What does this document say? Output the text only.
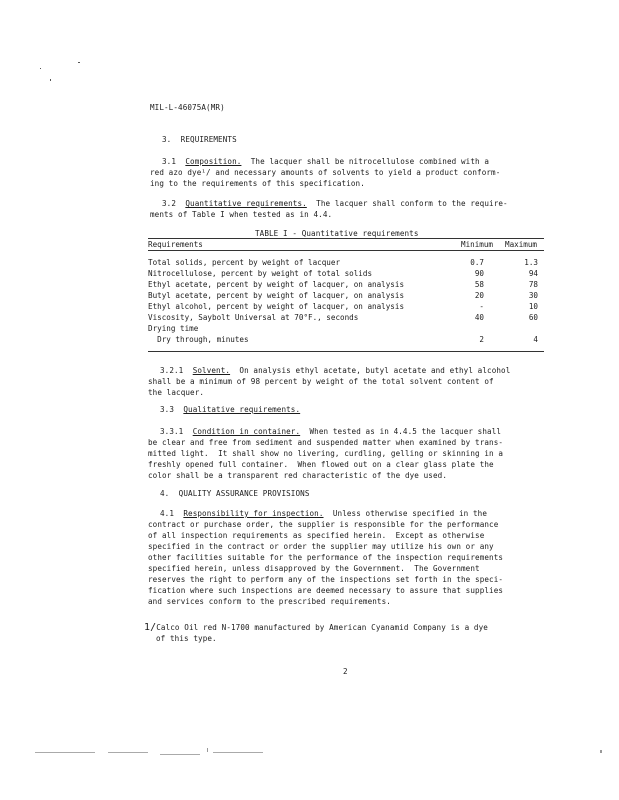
MIL-L-46075A(MR)
3.  REQUIREMENTS
3.1 Composition.  The lacquer shall be nitrocellulose combined with a
red azo dye¹/ and necessary amounts of solvents to yield a product conform-
ing to the requirements of this specification.
3.2 Quantitative requirements.  The lacquer shall conform to the require-
ments of Table I when tested as in 4.4.
TABLE I - Quantitative requirements
Requirements	Minimum Maximum
Total solids, percent by weight of lacquer	0.7	1.3
Nitrocellulose, percent by weight of total solids	90	94
Ethyl acetate, percent by weight of lacquer, on analysis	58	78
Butyl acetate, percent by weight of lacquer, on analysis	20	30
Ethyl alcohol, percent by weight of lacquer, on analysis	-	10
Viscosity, Saybolt Universal at 70°F., seconds	40	60
Drying time
Dry through, minutes	2	4
3.2.1 Solvent.  On analysis ethyl acetate, butyl acetate and ethyl alcohol
shall be a minimum of 98 percent by weight of the total solvent content of
the lacquer.
3.3 Qualitative requirements.
3.3.1 Condition in container.  When tested as in 4.4.5 the lacquer shall
be clear and free from sediment and suspended matter when examined by trans-
mitted light.  It shall show no livering, curdling, gelling or skinning in a
freshly opened full container.  When flowed out on a clear glass plate the
color shall be a transparent red characteristic of the dye used.
4.  QUALITY ASSURANCE PROVISIONS
4.1 Responsibility for inspection.  Unless otherwise specified in the
contract or purchase order, the supplier is responsible for the performance
of all inspection requirements as specified herein.  Except as otherwise
specified in the contract or order the supplier may utilize his own or any
other facilities suitable for the performance of the inspection requirements
specified herein, unless disapproved by the Government.  The Government
reserves the right to perform any of the inspections set forth in the speci-
fication where such inspections are deemed necessary to assure that supplies
and services conform to the prescribed requirements.
1/Calco Oil red N-1700 manufactured by American Cyanamid Company is a dye
of this type.
2
